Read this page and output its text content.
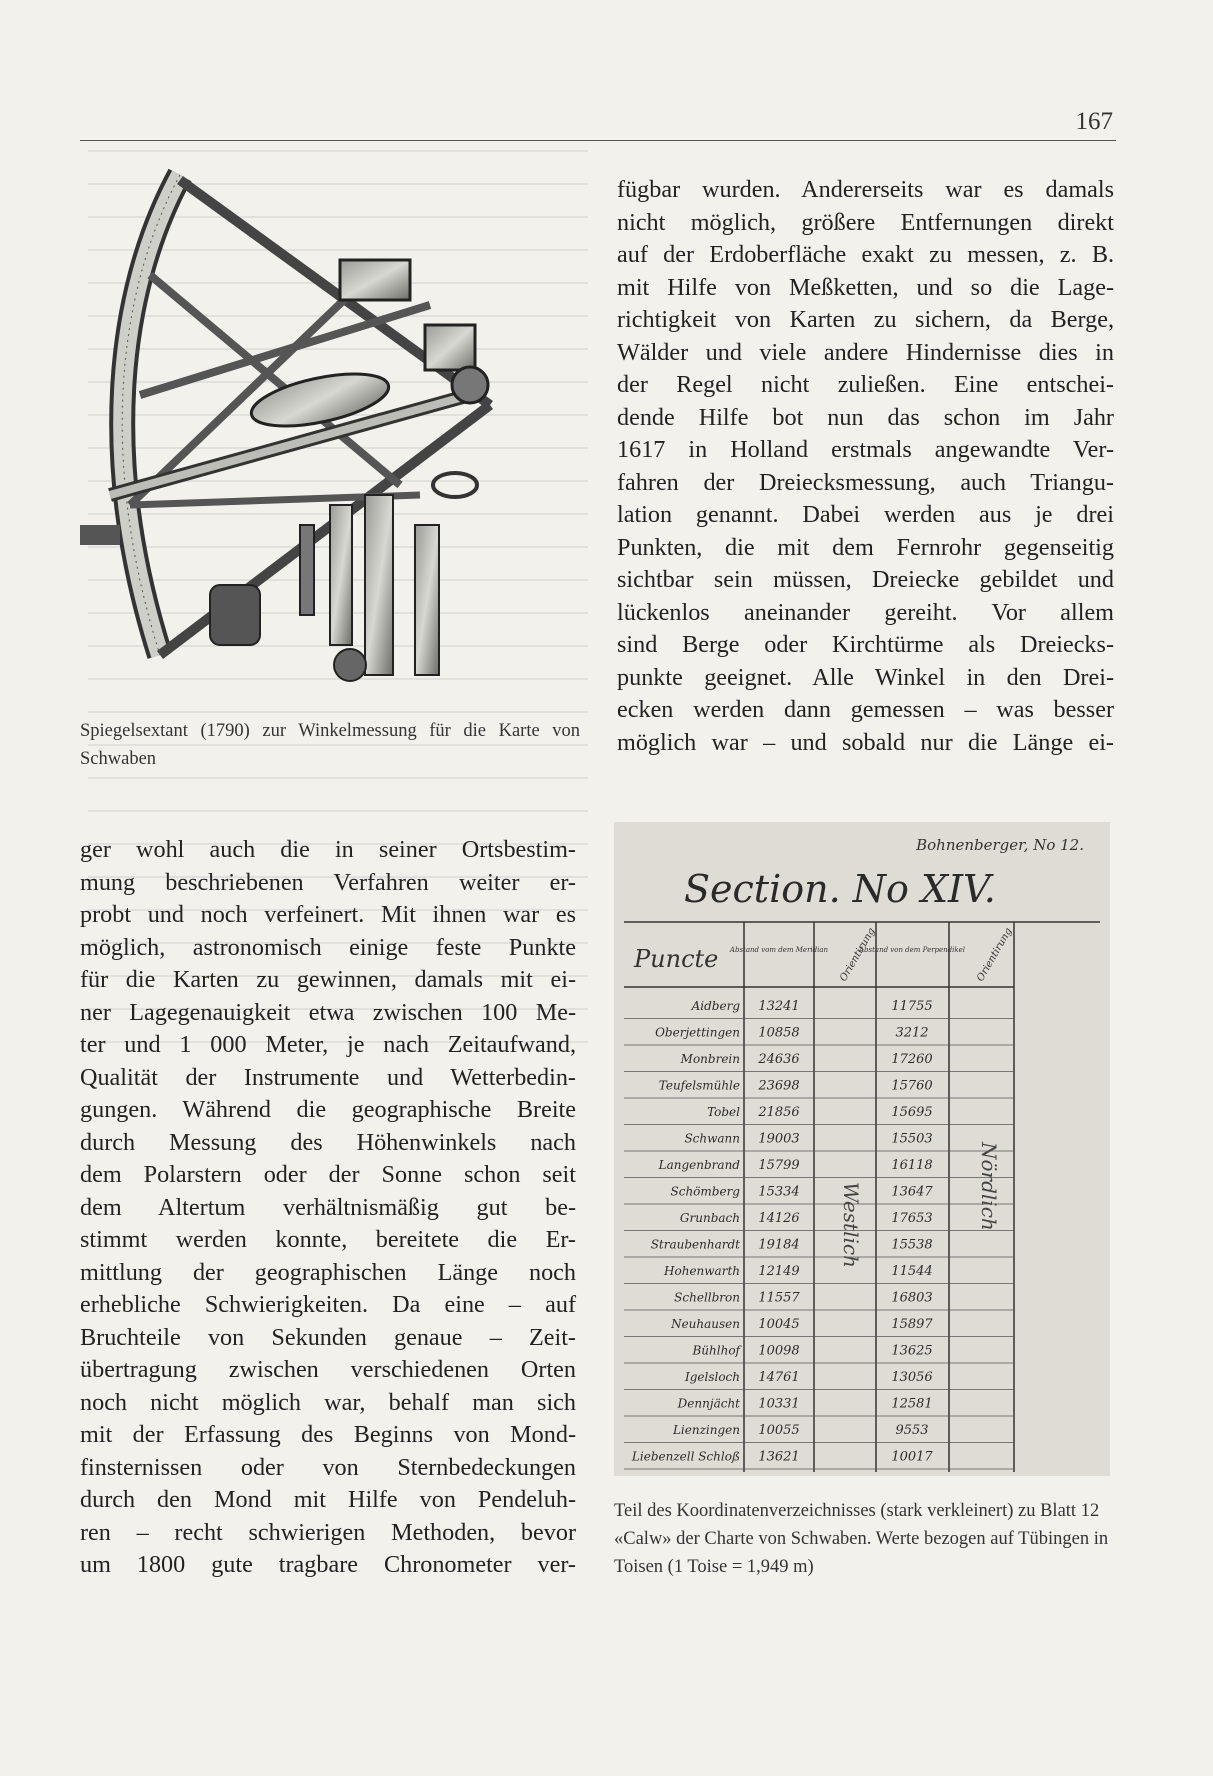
167
Spiegelsextant (1790) zur Winkelmessung für die Karte von Schwaben
ger wohl auch die in seiner Ortsbestim-
mung beschriebenen Verfahren weiter er-
probt und noch verfeinert. Mit ihnen war es
möglich, astronomisch einige feste Punkte
für die Karten zu gewinnen, damals mit ei-
ner Lagegenauigkeit etwa zwischen 100 Me-
ter und 1 000 Meter, je nach Zeitaufwand,
Qualität der Instrumente und Wetterbedin-
gungen. Während die geographische Breite
durch Messung des Höhenwinkels nach
dem Polarstern oder der Sonne schon seit
dem Altertum verhältnismäßig gut be-
stimmt werden konnte, bereitete die Er-
mittlung der geographischen Länge noch
erhebliche Schwierigkeiten. Da eine – auf
Bruchteile von Sekunden genaue – Zeit-
übertragung zwischen verschiedenen Orten
noch nicht möglich war, behalf man sich
mit der Erfassung des Beginns von Mond-
finsternissen oder von Sternbedeckungen
durch den Mond mit Hilfe von Pendeluh-
ren – recht schwierigen Methoden, bevor
um 1800 gute tragbare Chronometer ver-
fügbar wurden. Andererseits war es damals
nicht möglich, größere Entfernungen direkt
auf der Erdoberfläche exakt zu messen, z. B.
mit Hilfe von Meßketten, und so die Lage-
richtigkeit von Karten zu sichern, da Berge,
Wälder und viele andere Hindernisse dies in
der Regel nicht zuließen. Eine entschei-
dende Hilfe bot nun das schon im Jahr
1617 in Holland erstmals angewandte Ver-
fahren der Dreiecksmessung, auch Triangu-
lation genannt. Dabei werden aus je drei
Punkten, die mit dem Fernrohr gegenseitig
sichtbar sein müssen, Dreiecke gebildet und
lückenlos aneinander gereiht. Vor allem
sind Berge oder Kirchtürme als Dreiecks-
punkte geeignet. Alle Winkel in den Drei-
ecken werden dann gemessen – was besser
möglich war – und sobald nur die Länge ei-
Bohnenberger, No 12.
Section. No XIV.
Puncte Abstand vom dem Meridian Orientirung
Abstand von dem Perpendikel Orientirung
Westlich	Nördlich
Aidberg 13241	11755
Oberjettingen 10858	3212
Monbrein 24636	17260
Teufelsmühle 23698	15760
Tobel 21856	15695
Schwann 19003	15503
Langenbrand 15799	16118
Schömberg 15334	13647
Grunbach 14126	17653
Straubenhardt 19184	15538
Hohenwarth 12149	11544
Schellbron 11557	16803
Neuhausen 10045	15897
Bühlhof 10098	13625
Igelsloch 14761	13056
Dennjächt 10331	12581
Lienzingen 10055	9553
Liebenzell Schloß 13621	10017
Teil des Koordinatenverzeichnisses (stark verkleinert) zu Blatt 12 «Calw» der Charte von Schwaben. Werte bezogen auf Tübingen in Toisen (1 Toise = 1,949 m)
